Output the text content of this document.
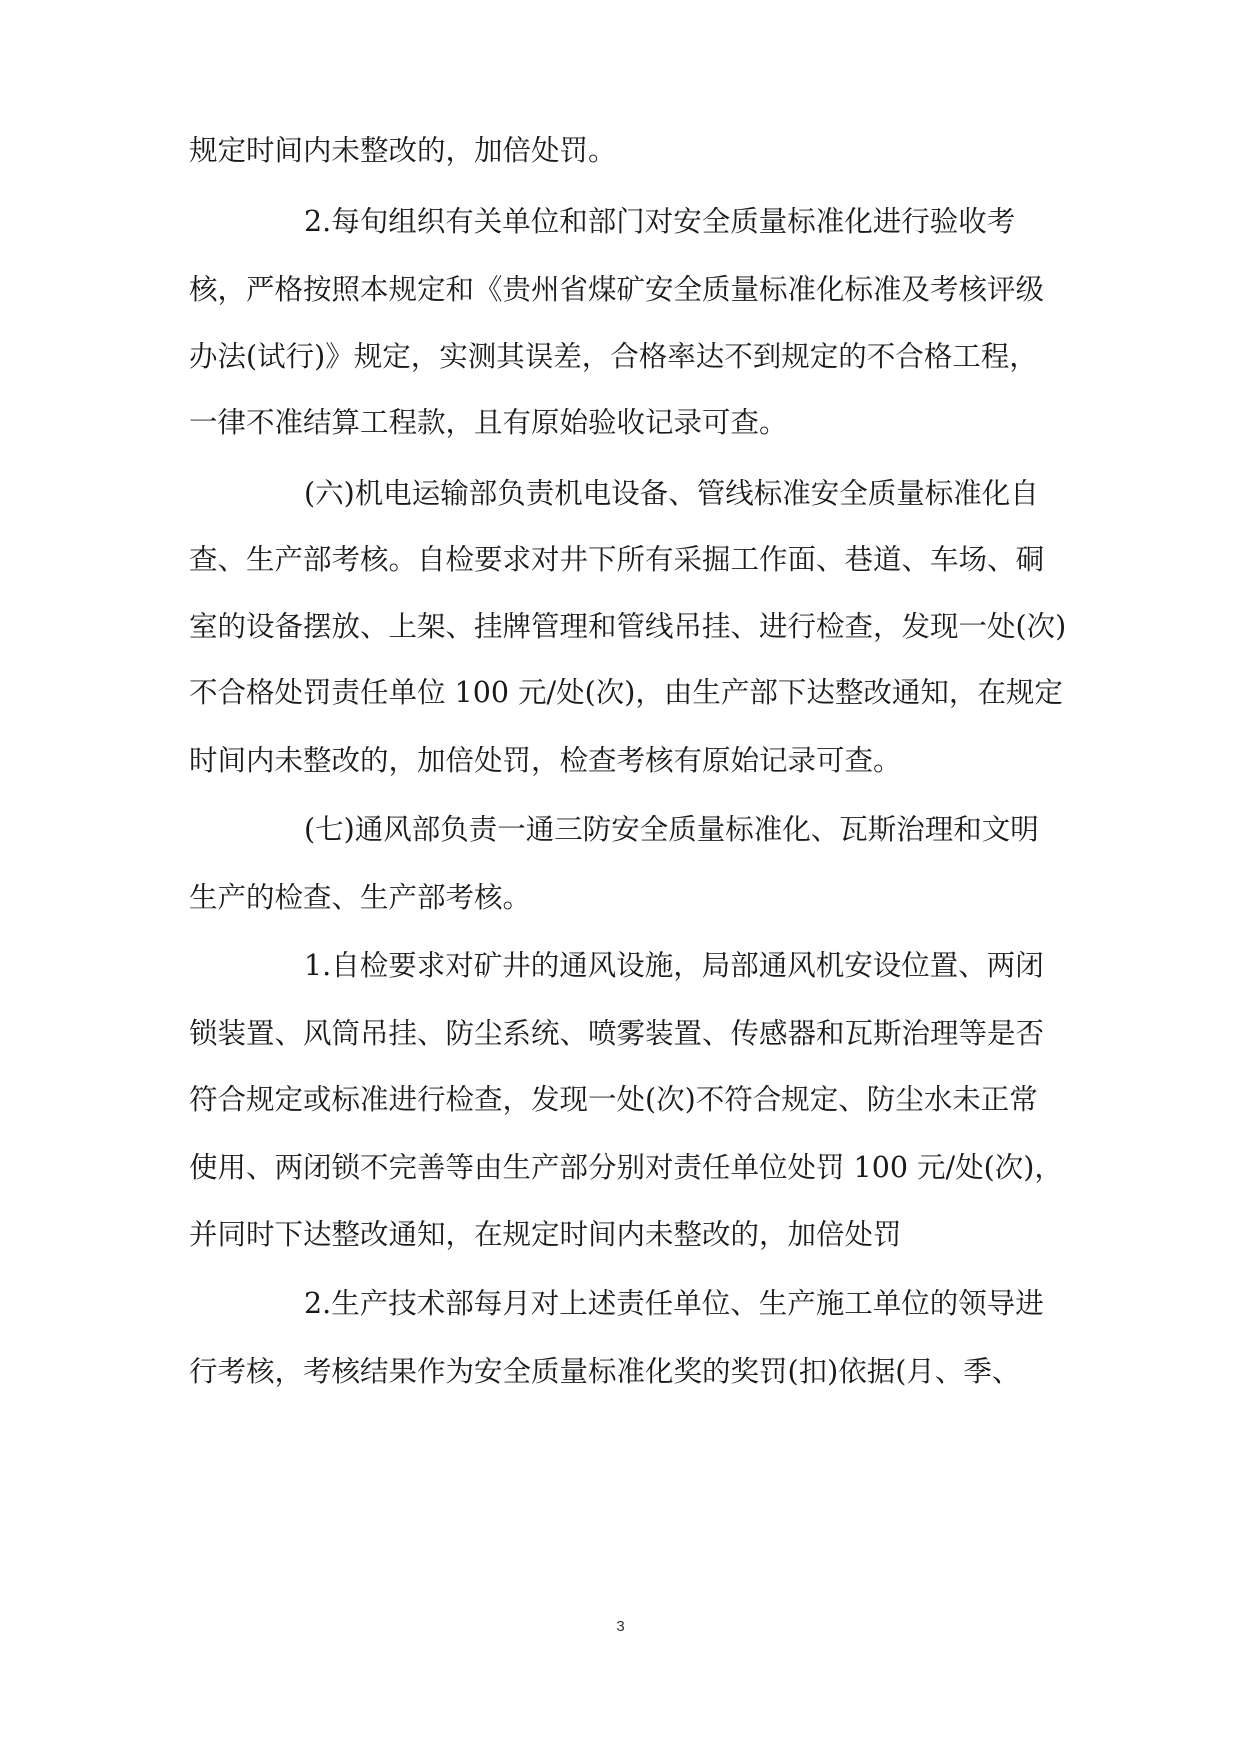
规定时间内未整改的，加倍处罚。
2.每旬组织有关单位和部门对安全质量标准化进行验收考
核，严格按照本规定和《贵州省煤矿安全质量标准化标准及考核评级
办法(试行)》规定，实测其误差，合格率达不到规定的不合格工程，
一律不准结算工程款，且有原始验收记录可查。
(六)机电运输部负责机电设备、管线标准安全质量标准化自
查、生产部考核。自检要求对井下所有采掘工作面、巷道、车场、硐
室的设备摆放、上架、挂牌管理和管线吊挂、进行检查，发现一处(次)
不合格处罚责任单位 100 元/处(次)，由生产部下达整改通知，在规定
时间内未整改的，加倍处罚，检查考核有原始记录可查。
(七)通风部负责一通三防安全质量标准化、瓦斯治理和文明
生产的检查、生产部考核。
1.自检要求对矿井的通风设施，局部通风机安设位置、两闭
锁装置、风筒吊挂、防尘系统、喷雾装置、传感器和瓦斯治理等是否
符合规定或标准进行检查，发现一处(次)不符合规定、防尘水未正常
使用、两闭锁不完善等由生产部分别对责任单位处罚 100 元/处(次)，
并同时下达整改通知，在规定时间内未整改的，加倍处罚
2.生产技术部每月对上述责任单位、生产施工单位的领导进
行考核，考核结果作为安全质量标准化奖的奖罚(扣)依据(月、季、
3
